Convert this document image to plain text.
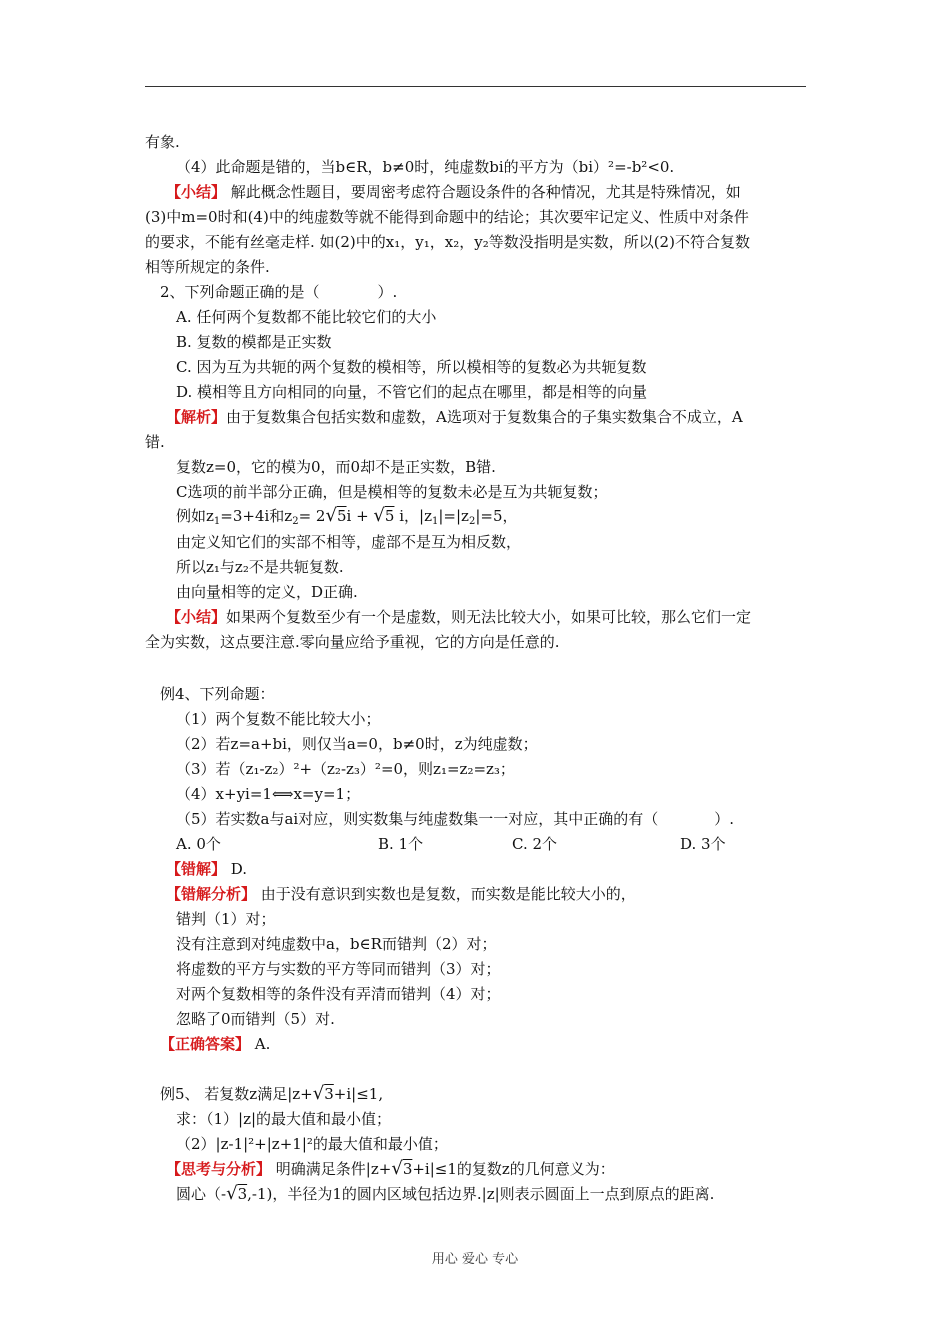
有象.
（4）此命题是错的，当b∈R，b≠0时，纯虚数bi的平方为（bi）²=-b²<0.
【小结】 解此概念性题目，要周密考虑符合题设条件的各种情况，尤其是特殊情况，如
(3)中m=0时和(4)中的纯虚数等就不能得到命题中的结论；其次要牢记定义、性质中对条件
的要求，不能有丝毫走样. 如(2)中的x₁，y₁，x₂，y₂等数没指明是实数，所以(2)不符合复数
相等所规定的条件.
2、下列命题正确的是（	）.
A. 任何两个复数都不能比较它们的大小
B. 复数的模都是正实数
C. 因为互为共轭的两个复数的模相等，所以模相等的复数必为共轭复数
D. 模相等且方向相同的向量，不管它们的起点在哪里，都是相等的向量
【解析】由于复数集合包括实数和虚数，A选项对于复数集合的子集实数集合不成立，A
错.
复数z=0，它的模为0，而0却不是正实数，B错.
C选项的前半部分正确，但是模相等的复数未必是互为共轭复数；
例如$z_1=3+4i$和$z_2= 2√5i + √5$ i，$|z_1|=|z_2|=5$，
由定义知它们的实部不相等，虚部不是互为相反数，
所以z₁与z₂不是共轭复数.
由向量相等的定义，D正确.
【小结】如果两个复数至少有一个是虚数，则无法比较大小，如果可比较，那么它们一定
全为实数，这点要注意.零向量应给予重视，它的方向是任意的.
例4、下列命题：
（1）两个复数不能比较大小；
（2）若z=a+bi，则仅当a=0，b≠0时，z为纯虚数；
（3）若（z₁-z₂）²+（z₂-z₃）²=0，则z₁=z₂=z₃；
（4）x+yi=1⟺x=y=1；
（5）若实数a与ai对应，则实数集与纯虚数集一一对应，其中正确的有（	）.
A. 0个	B. 1个	C. 2个	D. 3个
【错解】 D.
【错解分析】 由于没有意识到实数也是复数，而实数是能比较大小的，
错判（1）对；
没有注意到对纯虚数中a，b∈R而错判（2）对；
将虚数的平方与实数的平方等同而错判（3）对；
对两个复数相等的条件没有弄清而错判（4）对；
忽略了0而错判（5）对.
【正确答案】 A.
例5、 若复数z满足|z+√3+i|≤1,
求：（1）|z|的最大值和最小值；
（2）|z-1|²+|z+1|²的最大值和最小值；
【思考与分析】 明确满足条件|z+√3+i|≤1的复数z的几何意义为：
圆心（-√3,-1)，半径为1的圆内区域包括边界.|z|则表示圆面上一点到原点的距离.
用心 爱心 专心
